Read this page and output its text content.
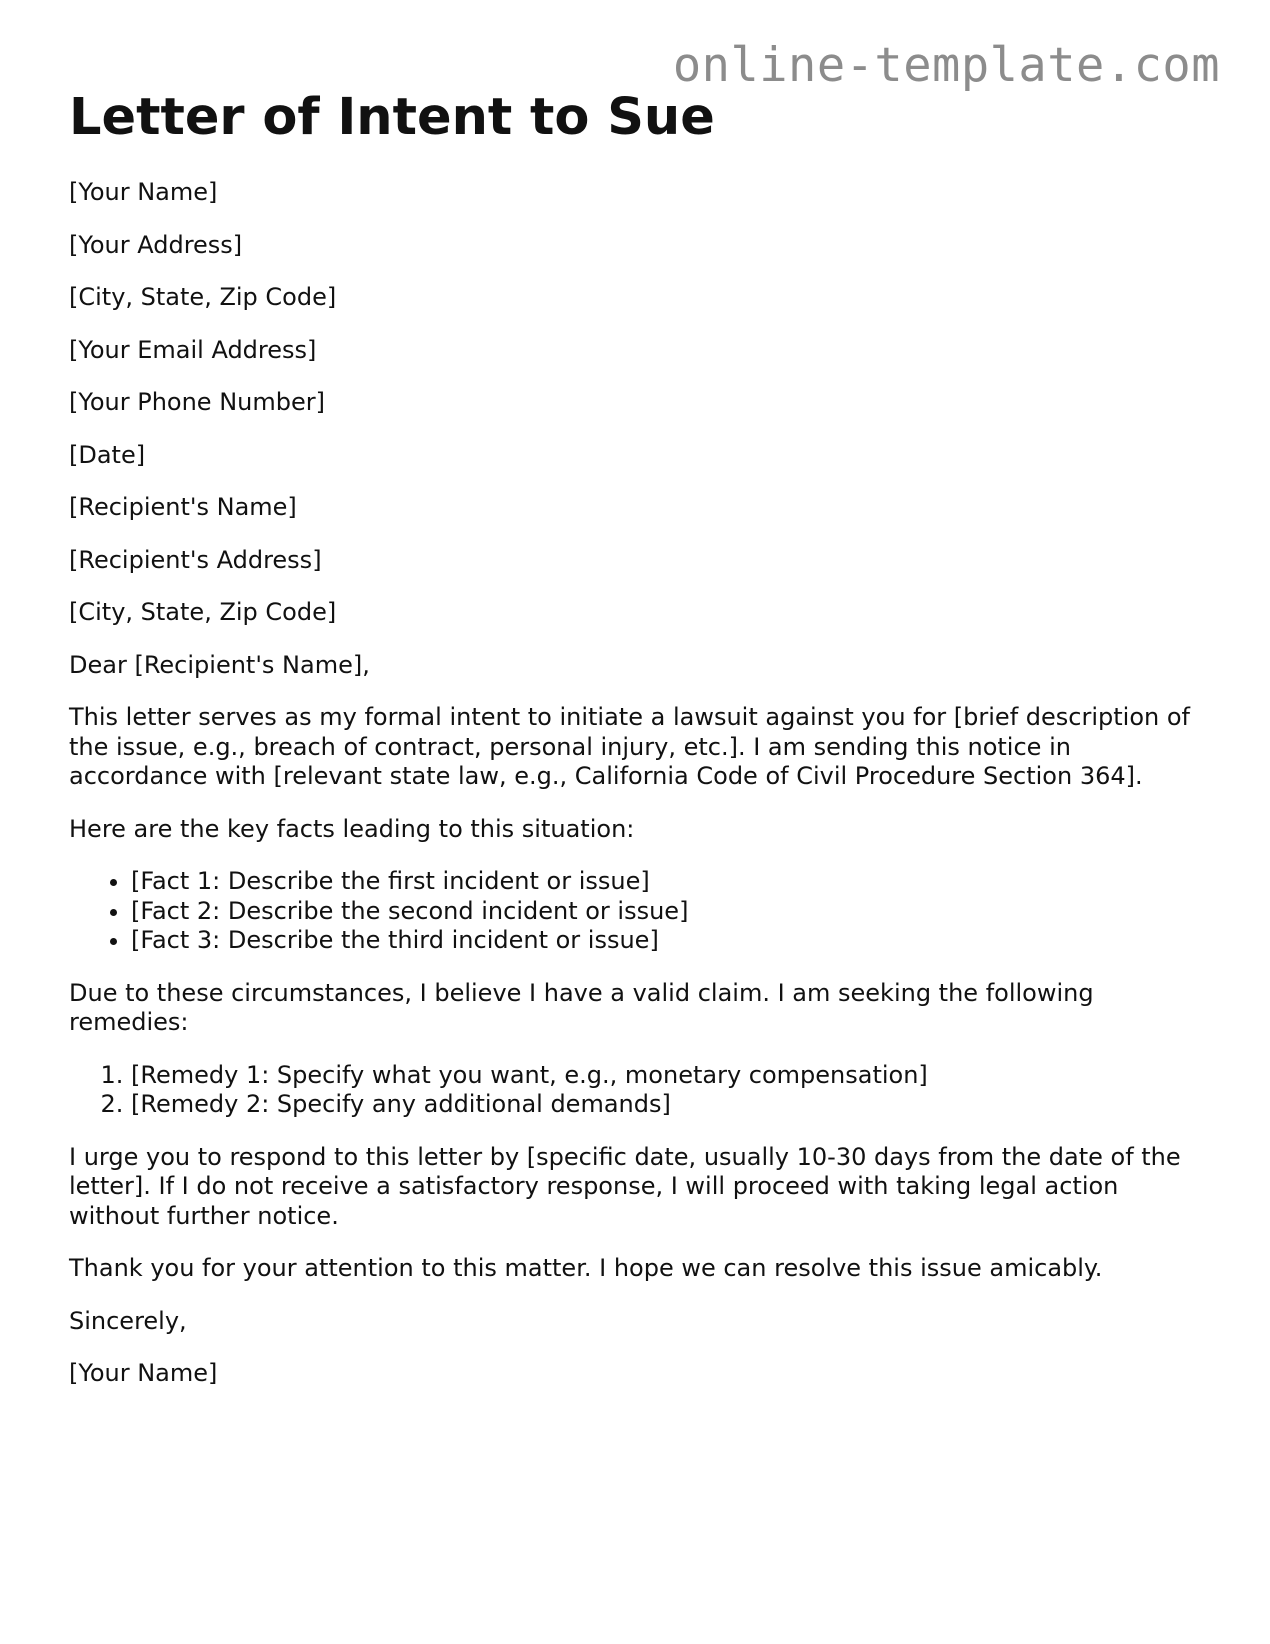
online-template.com
Letter of Intent to Sue

[Your Name]

[Your Address]

[City, State, Zip Code]

[Your Email Address]

[Your Phone Number]

[Date]

[Recipient's Name]

[Recipient's Address]

[City, State, Zip Code]

Dear [Recipient's Name],

This letter serves as my formal intent to initiate a lawsuit against you for [brief description of the issue, e.g., breach of contract, personal injury, etc.]. I am sending this notice in accordance with [relevant state law, e.g., California Code of Civil Procedure Section 364].

Here are the key facts leading to this situation:

• [Fact 1: Describe the first incident or issue]
• [Fact 2: Describe the second incident or issue]
• [Fact 3: Describe the third incident or issue]

Due to these circumstances, I believe I have a valid claim. I am seeking the following remedies:

1. [Remedy 1: Specify what you want, e.g., monetary compensation]
2. [Remedy 2: Specify any additional demands]

I urge you to respond to this letter by [specific date, usually 10-30 days from the date of the letter]. If I do not receive a satisfactory response, I will proceed with taking legal action without further notice.

Thank you for your attention to this matter. I hope we can resolve this issue amicably.

Sincerely,

[Your Name]
